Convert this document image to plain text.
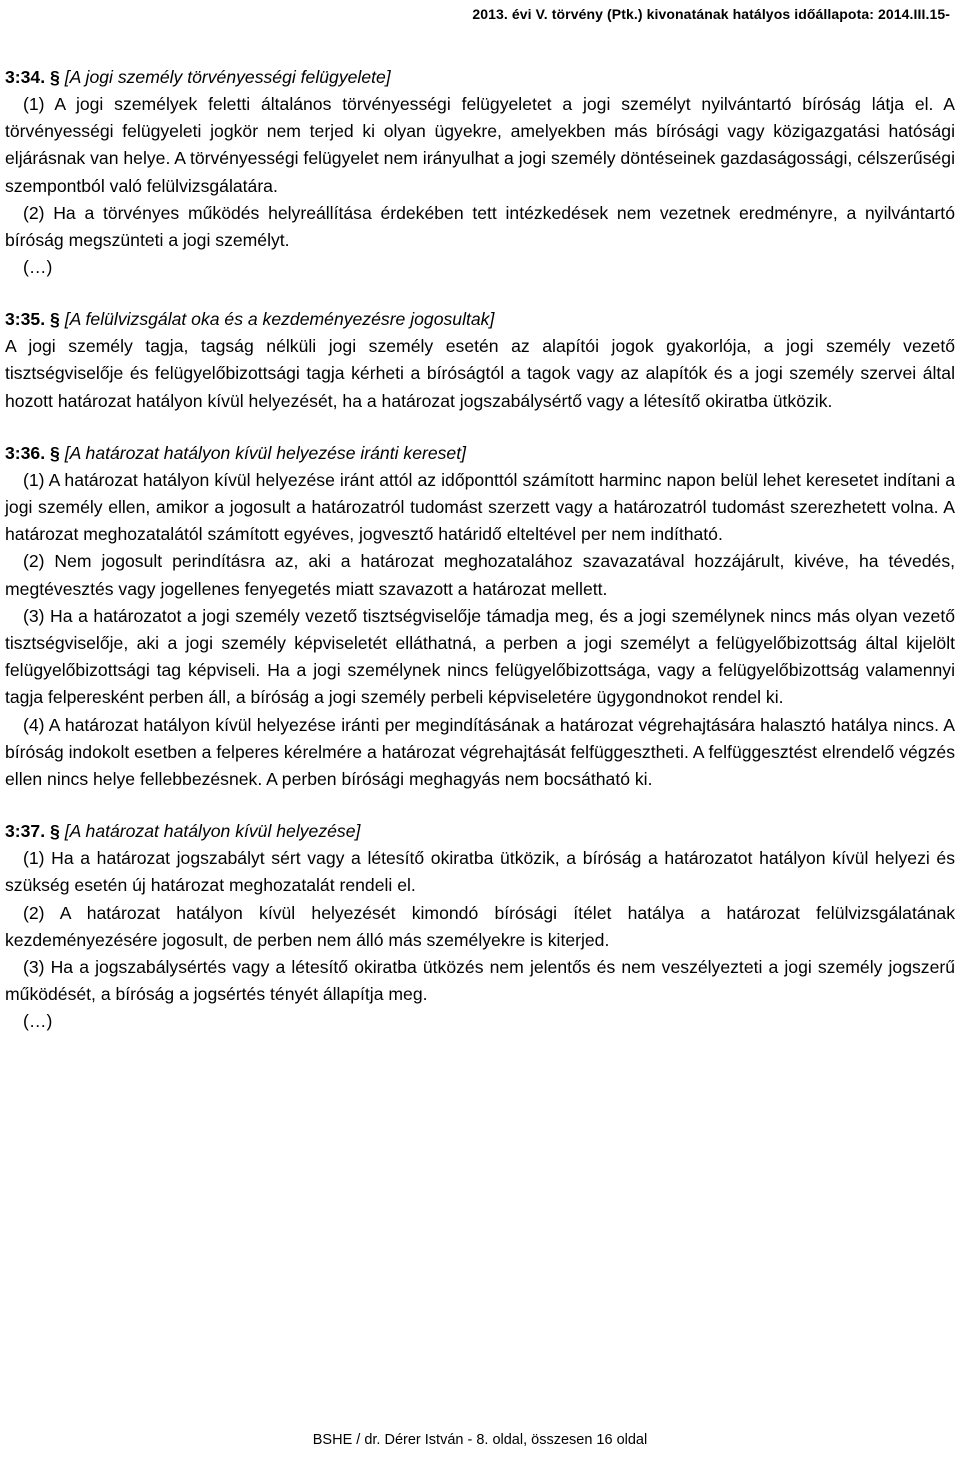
2013. évi V. törvény (Ptk.) kivonatának hatályos időállapota: 2014.III.15-
3:34. § [A jogi személy törvényességi felügyelete]

(1) A jogi személyek feletti általános törvényességi felügyeletet a jogi személyt nyilvántartó bíróság látja el. A törvényességi felügyeleti jogkör nem terjed ki olyan ügyekre, amelyekben más bírósági vagy közigazgatási hatósági eljárásnak van helye. A törvényességi felügyelet nem irányulhat a jogi személy döntéseinek gazdaságossági, célszerűségi szempontból való felülvizsgálatára.

(2) Ha a törvényes működés helyreállítása érdekében tett intézkedések nem vezetnek eredményre, a nyilvántartó bíróság megszünteti a jogi személyt.

(…)
3:35. § [A felülvizsgálat oka és a kezdeményezésre jogosultak]

A jogi személy tagja, tagság nélküli jogi személy esetén az alapítói jogok gyakorlója, a jogi személy vezető tisztségviselője és felügyelőbizottsági tagja kérheti a bíróságtól a tagok vagy az alapítók és a jogi személy szervei által hozott határozat hatályon kívül helyezését, ha a határozat jogszabálysértő vagy a létesítő okiratba ütközik.

3:36. § [A határozat hatályon kívül helyezése iránti kereset]

(1) A határozat hatályon kívül helyezése iránt attól az időponttól számított harminc napon belül lehet keresetet indítani a jogi személy ellen, amikor a jogosult a határozatról tudomást szerzett vagy a határozatról tudomást szerezhetett volna. A határozat meghozatalától számított egyéves, jogvesztő határidő elteltével per nem indítható.

(2) Nem jogosult perindításra az, aki a határozat meghozatalához szavazatával hozzájárult, kivéve, ha tévedés, megtévesztés vagy jogellenes fenyegetés miatt szavazott a határozat mellett.

(3) Ha a határozatot a jogi személy vezető tisztségviselője támadja meg, és a jogi személynek nincs más olyan vezető tisztségviselője, aki a jogi személy képviseletét elláthatná, a perben a jogi személyt a felügyelőbizottság által kijelölt felügyelőbizottsági tag képviseli. Ha a jogi személynek nincs felügyelőbizottsága, vagy a felügyelőbizottság valamennyi tagja felperesként perben áll, a bíróság a jogi személy perbeli képviseletére ügygondnokot rendel ki.

(4) A határozat hatályon kívül helyezése iránti per megindításának a határozat végrehajtására halasztó hatálya nincs. A bíróság indokolt esetben a felperes kérelmére a határozat végrehajtását felfüggesztheti. A felfüggesztést elrendelő végzés ellen nincs helye fellebbezésnek. A perben bírósági meghagyás nem bocsátható ki.

3:37. § [A határozat hatályon kívül helyezése]

(1) Ha a határozat jogszabályt sért vagy a létesítő okiratba ütközik, a bíróság a határozatot hatályon kívül helyezi és szükség esetén új határozat meghozatalát rendeli el.

(2) A határozat hatályon kívül helyezését kimondó bírósági ítélet hatálya a határozat felülvizsgálatának kezdeményezésére jogosult, de perben nem álló más személyekre is kiterjed.

(3) Ha a jogszabálysértés vagy a létesítő okiratba ütközés nem jelentős és nem veszélyezteti a jogi személy jogszerű működését, a bíróság a jogsértés tényét állapítja meg.

(…)
BSHE / dr. Dérer István - 8. oldal, összesen 16 oldal
